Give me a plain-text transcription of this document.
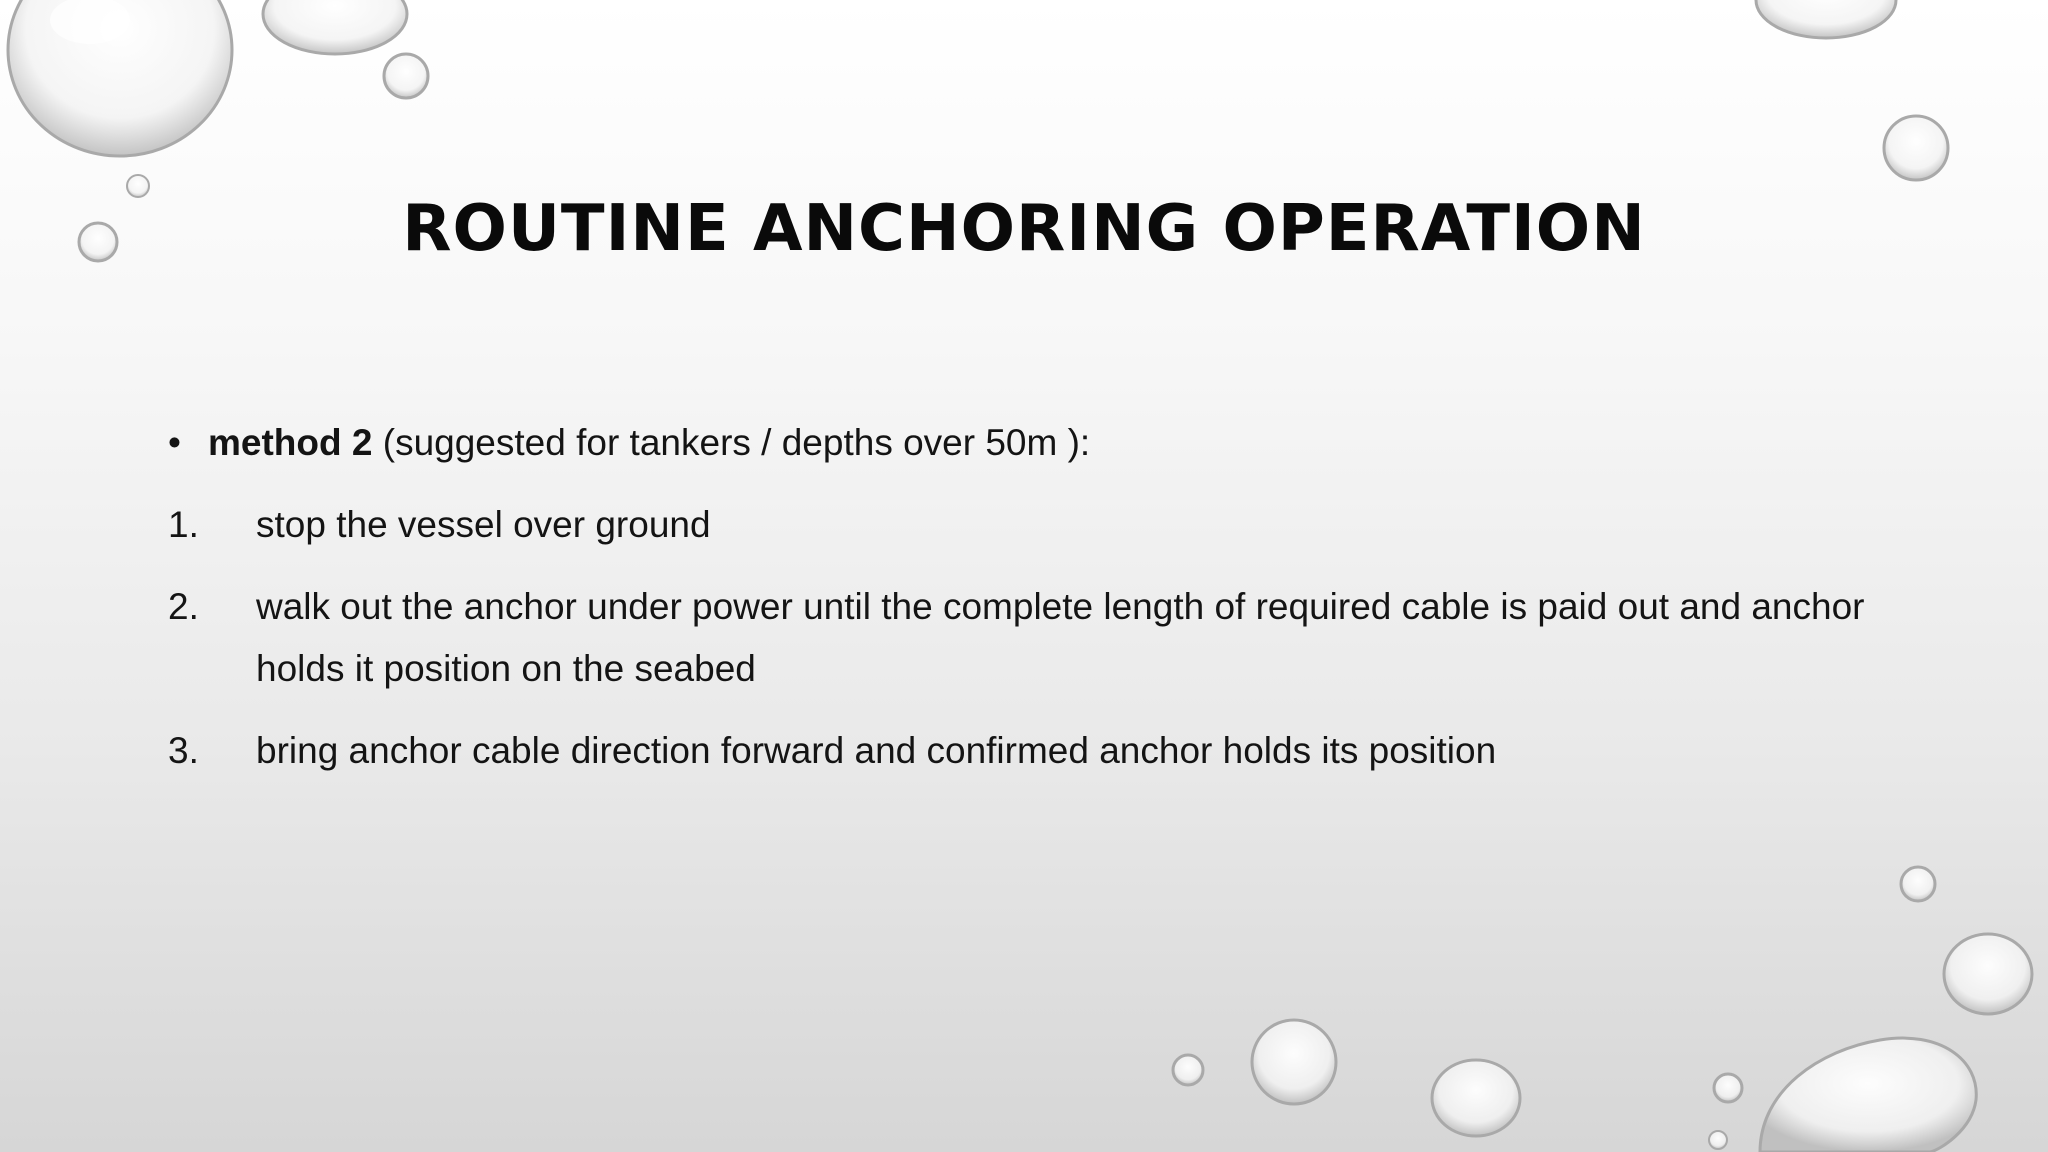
ROUTINE ANCHORING OPERATION
• method 2 (suggested for tankers / depths over 50m ):
1. stop the vessel over ground
2. walk out the anchor under power until the complete length of required cable is paid out and anchor holds it position on the seabed
3. bring anchor cable direction forward and confirmed anchor holds its position
